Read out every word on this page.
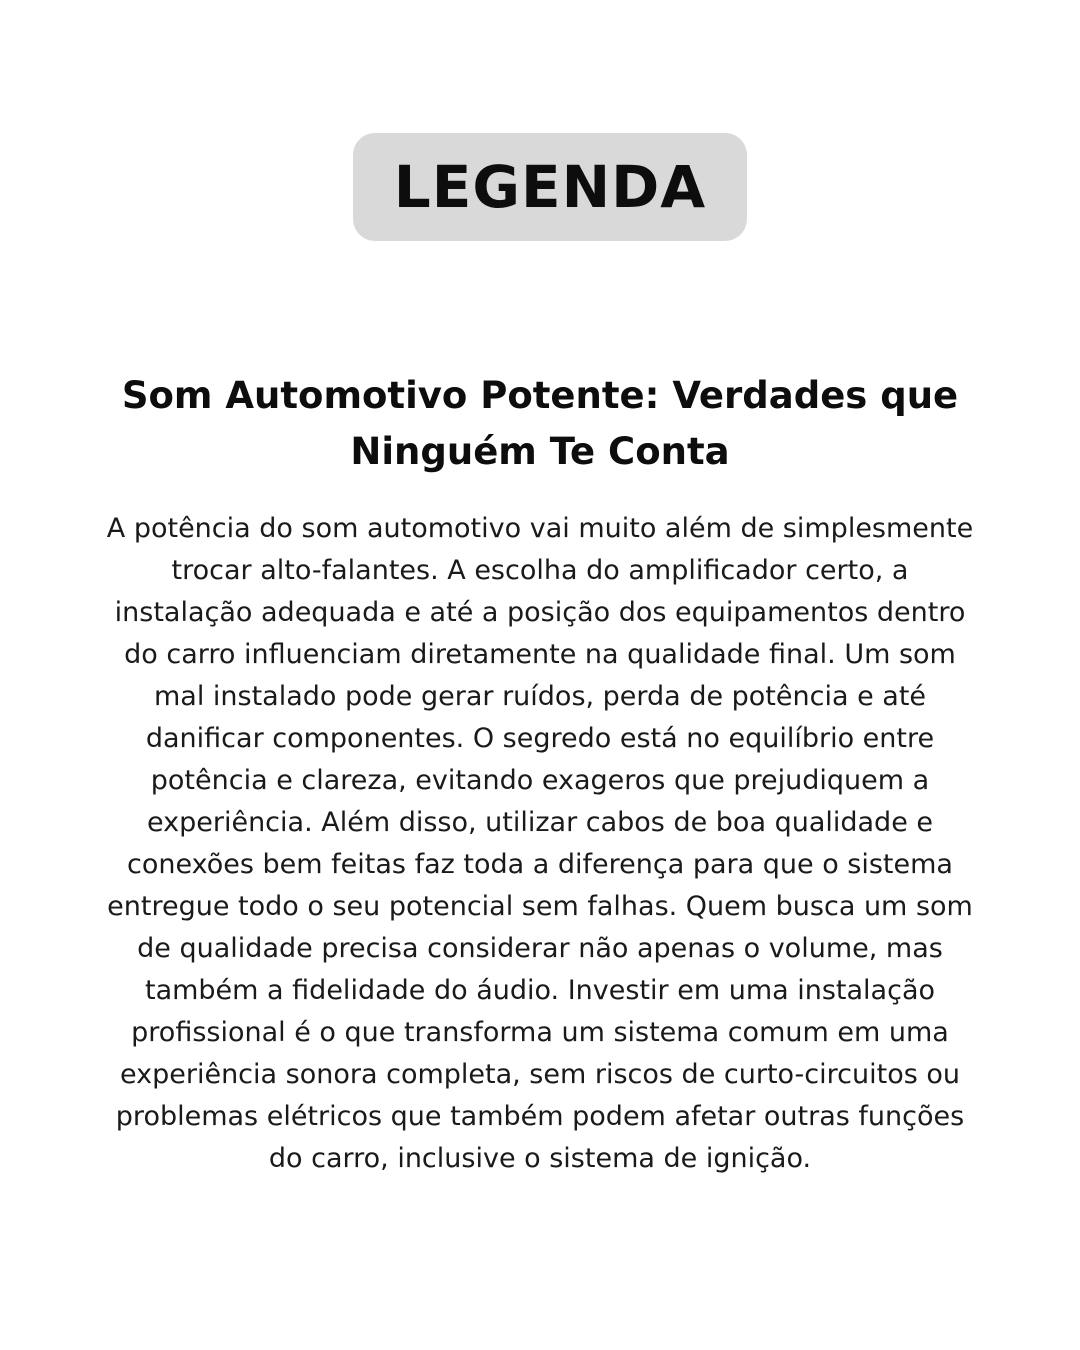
LEGENDA
Som Automotivo Potente: Verdades que Ninguém Te Conta

A potência do som automotivo vai muito além de simplesmente trocar alto-falantes. A escolha do amplificador certo, a instalação adequada e até a posição dos equipamentos dentro do carro influenciam diretamente na qualidade final. Um som mal instalado pode gerar ruídos, perda de potência e até danificar componentes. O segredo está no equilíbrio entre potência e clareza, evitando exageros que prejudiquem a experiência. Além disso, utilizar cabos de boa qualidade e conexões bem feitas faz toda a diferença para que o sistema entregue todo o seu potencial sem falhas. Quem busca um som de qualidade precisa considerar não apenas o volume, mas também a fidelidade do áudio. Investir em uma instalação profissional é o que transforma um sistema comum em uma experiência sonora completa, sem riscos de curto-circuitos ou problemas elétricos que também podem afetar outras funções do carro, inclusive o sistema de ignição.
